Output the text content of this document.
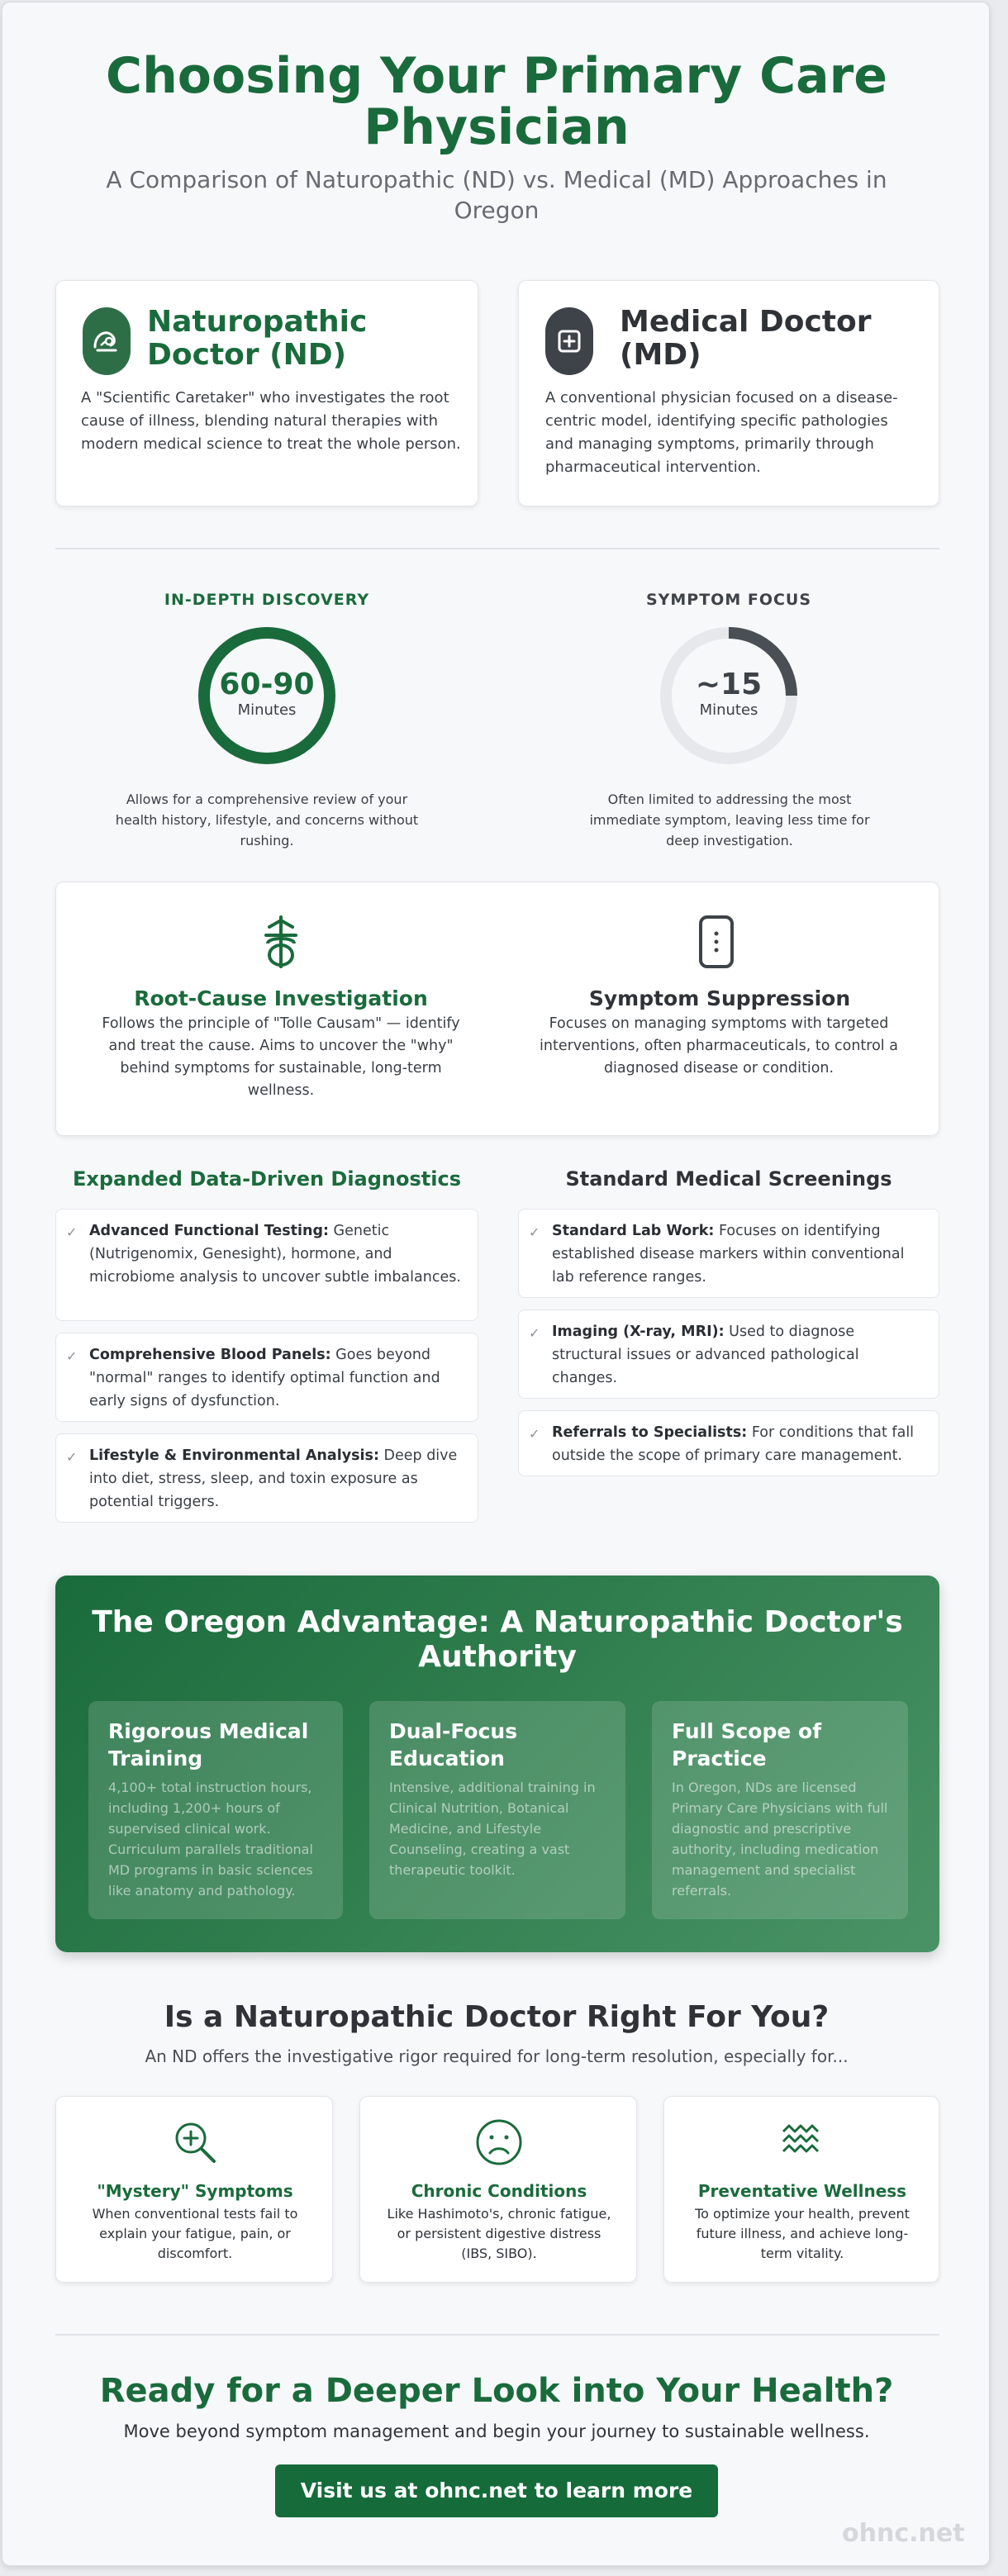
Choosing Your Primary Care Physician

A Comparison of Naturopathic (ND) vs. Medical (MD) Approaches in Oregon

Naturopathic Doctor (ND)
A "Scientific Caretaker" who investigates the root cause of illness, blending natural therapies with modern medical science to treat the whole person.
Medical Doctor (MD)
A conventional physician focused on a disease-centric model, identifying specific pathologies and managing symptoms, primarily through pharmaceutical intervention.
IN-DEPTH DISCOVERY
60-90
Minutes
Allows for a comprehensive review of your health history, lifestyle, and concerns without rushing.
SYMPTOM FOCUS
~15
Minutes
Often limited to addressing the most immediate symptom, leaving less time for deep investigation.
Root-Cause Investigation
Follows the principle of "Tolle Causam" — identify and treat the cause. Aims to uncover the "why" behind symptoms for sustainable, long-term wellness.
Symptom Suppression
Focuses on managing symptoms with targeted interventions, often pharmaceuticals, to control a diagnosed disease or condition.
Expanded Data-Driven Diagnostics	Standard Medical Screenings
✓ Advanced Functional Testing: Genetic (Nutrigenomix, Genesight), hormone, and microbiome analysis to uncover subtle imbalances.
✓ Comprehensive Blood Panels: Goes beyond "normal" ranges to identify optimal function and early signs of dysfunction.
✓ Lifestyle & Environmental Analysis: Deep dive into diet, stress, sleep, and toxin exposure as potential triggers.
✓ Standard Lab Work: Focuses on identifying established disease markers within conventional lab reference ranges.
✓ Imaging (X-ray, MRI): Used to diagnose structural issues or advanced pathological changes.
✓ Referrals to Specialists: For conditions that fall outside the scope of primary care management.
The Oregon Advantage: A Naturopathic Doctor's Authority
Rigorous Medical Training
4,100+ total instruction hours, including 1,200+ hours of supervised clinical work. Curriculum parallels traditional MD programs in basic sciences like anatomy and pathology.
Dual-Focus Education
Intensive, additional training in Clinical Nutrition, Botanical Medicine, and Lifestyle Counseling, creating a vast therapeutic toolkit.
Full Scope of Practice
In Oregon, NDs are licensed Primary Care Physicians with full diagnostic and prescriptive authority, including medication management and specialist referrals.
Is a Naturopathic Doctor Right For You?
An ND offers the investigative rigor required for long-term resolution, especially for...
"Mystery" Symptoms
When conventional tests fail to explain your fatigue, pain, or discomfort.
Chronic Conditions
Like Hashimoto's, chronic fatigue, or persistent digestive distress (IBS, SIBO).
Preventative Wellness
To optimize your health, prevent future illness, and achieve long-term vitality.
Ready for a Deeper Look into Your Health?
Move beyond symptom management and begin your journey to sustainable wellness.
Visit us at ohnc.net to learn more
ohnc.net
